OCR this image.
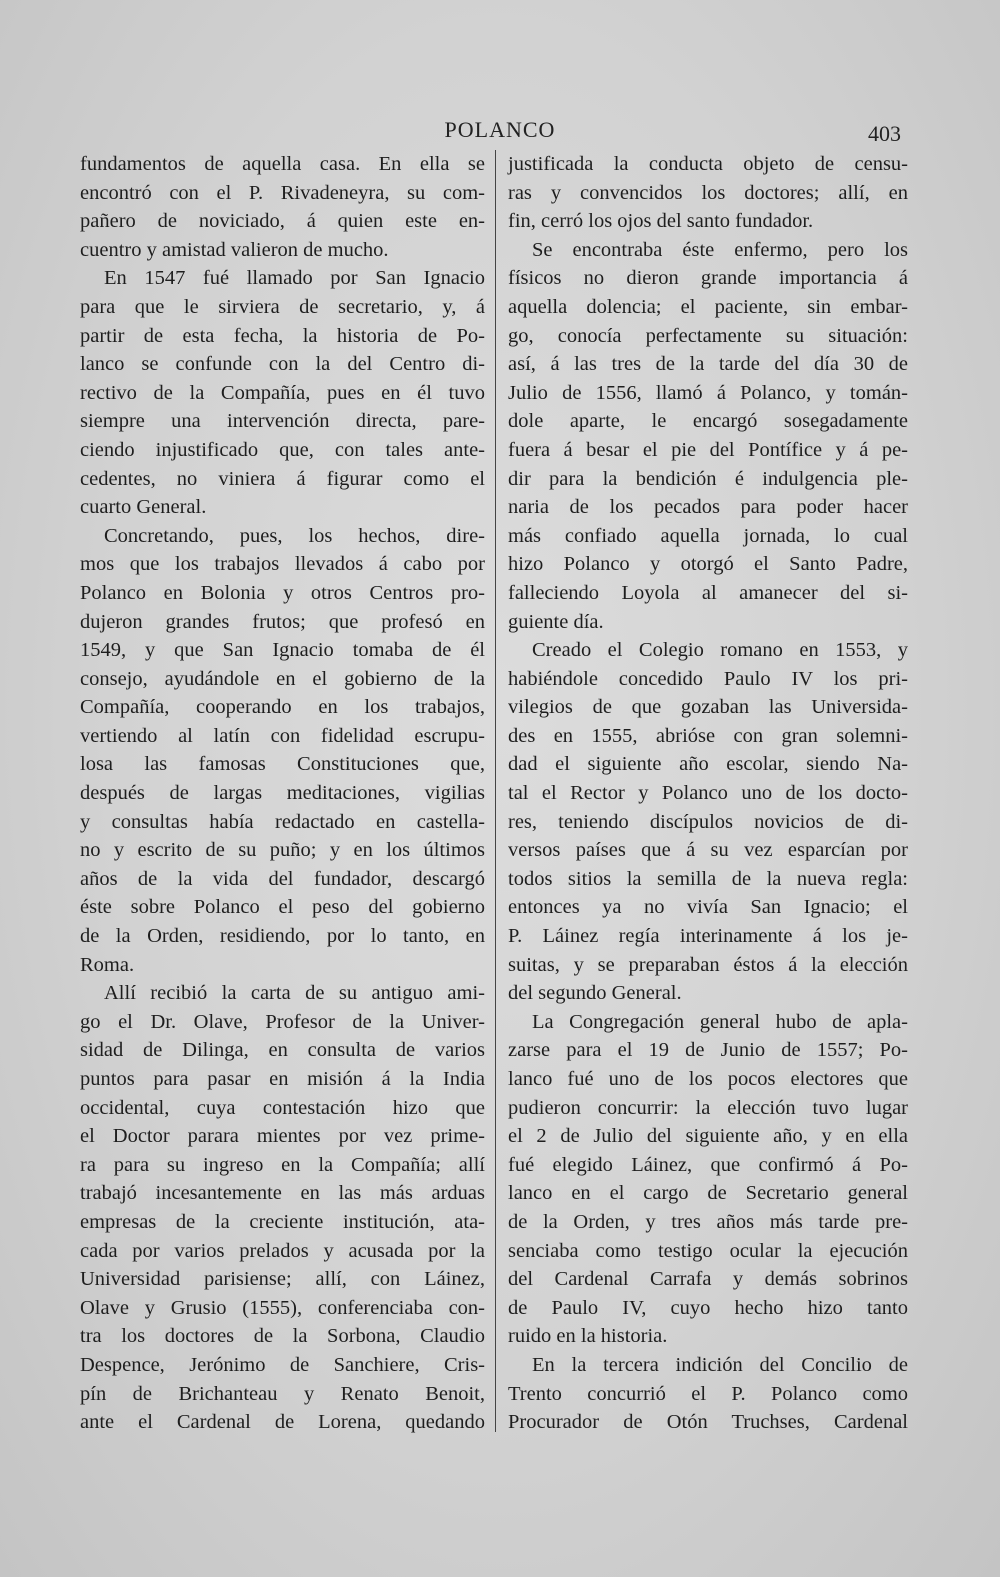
POLANCO	403
fundamentos de aquella casa. En ella se
encontró con el P. Rivadeneyra, su com-
pañero de noviciado, á quien este en-
cuentro y amistad valieron de mucho.
En 1547 fué llamado por San Ignacio
para que le sirviera de secretario, y, á
partir de esta fecha, la historia de Po-
lanco se confunde con la del Centro di-
rectivo de la Compañía, pues en él tuvo
siempre una intervención directa, pare-
ciendo injustificado que, con tales ante-
cedentes, no viniera á figurar como el
cuarto General.
Concretando, pues, los hechos, dire-
mos que los trabajos llevados á cabo por
Polanco en Bolonia y otros Centros pro-
dujeron grandes frutos; que profesó en
1549, y que San Ignacio tomaba de él
consejo, ayudándole en el gobierno de la
Compañía, cooperando en los trabajos,
vertiendo al latín con fidelidad escrupu-
losa las famosas Constituciones que,
después de largas meditaciones, vigilias
y consultas había redactado en castella-
no y escrito de su puño; y en los últimos
años de la vida del fundador, descargó
éste sobre Polanco el peso del gobierno
de la Orden, residiendo, por lo tanto, en
Roma.
Allí recibió la carta de su antiguo ami-
go el Dr. Olave, Profesor de la Univer-
sidad de Dilinga, en consulta de varios
puntos para pasar en misión á la India
occidental, cuya contestación hizo que
el Doctor parara mientes por vez prime-
ra para su ingreso en la Compañía; allí
trabajó incesantemente en las más arduas
empresas de la creciente institución, ata-
cada por varios prelados y acusada por la
Universidad parisiense; allí, con Láinez,
Olave y Grusio (1555), conferenciaba con-
tra los doctores de la Sorbona, Claudio
Despence, Jerónimo de Sanchiere, Cris-
pín de Brichanteau y Renato Benoit,
ante el Cardenal de Lorena, quedando
justificada la conducta objeto de censu-
ras y convencidos los doctores; allí, en
fin, cerró los ojos del santo fundador.
Se encontraba éste enfermo, pero los
físicos no dieron grande importancia á
aquella dolencia; el paciente, sin embar-
go, conocía perfectamente su situación:
así, á las tres de la tarde del día 30 de
Julio de 1556, llamó á Polanco, y tomán-
dole aparte, le encargó sosegadamente
fuera á besar el pie del Pontífice y á pe-
dir para la bendición é indulgencia ple-
naria de los pecados para poder hacer
más confiado aquella jornada, lo cual
hizo Polanco y otorgó el Santo Padre,
falleciendo Loyola al amanecer del si-
guiente día.
Creado el Colegio romano en 1553, y
habiéndole concedido Paulo IV los pri-
vilegios de que gozaban las Universida-
des en 1555, abrióse con gran solemni-
dad el siguiente año escolar, siendo Na-
tal el Rector y Polanco uno de los docto-
res, teniendo discípulos novicios de di-
versos países que á su vez esparcían por
todos sitios la semilla de la nueva regla:
entonces ya no vivía San Ignacio; el
P. Láinez regía interinamente á los je-
suitas, y se preparaban éstos á la elección
del segundo General.
La Congregación general hubo de apla-
zarse para el 19 de Junio de 1557; Po-
lanco fué uno de los pocos electores que
pudieron concurrir: la elección tuvo lugar
el 2 de Julio del siguiente año, y en ella
fué elegido Láinez, que confirmó á Po-
lanco en el cargo de Secretario general
de la Orden, y tres años más tarde pre-
senciaba como testigo ocular la ejecución
del Cardenal Carrafa y demás sobrinos
de Paulo IV, cuyo hecho hizo tanto
ruido en la historia.
En la tercera indición del Concilio de
Trento concurrió el P. Polanco como
Procurador de Otón Truchses, Cardenal
